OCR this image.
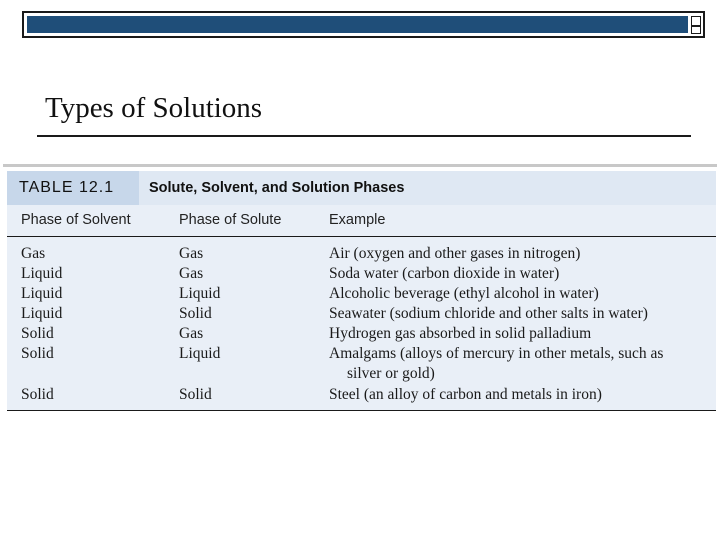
Types of Solutions
TABLE 12.1	Solute, Solvent, and Solution Phases
Phase of Solvent	Phase of Solute	Example
Gas	Gas	Air (oxygen and other gases in nitrogen)
Liquid	Gas	Soda water (carbon dioxide in water)
Liquid	Liquid	Alcoholic beverage (ethyl alcohol in water)
Liquid	Solid	Seawater (sodium chloride and other salts in water)
Solid	Gas	Hydrogen gas absorbed in solid palladium
Solid	Liquid	Amalgams (alloys of mercury in other metals, such as
silver or gold)
Solid	Solid	Steel (an alloy of carbon and metals in iron)
